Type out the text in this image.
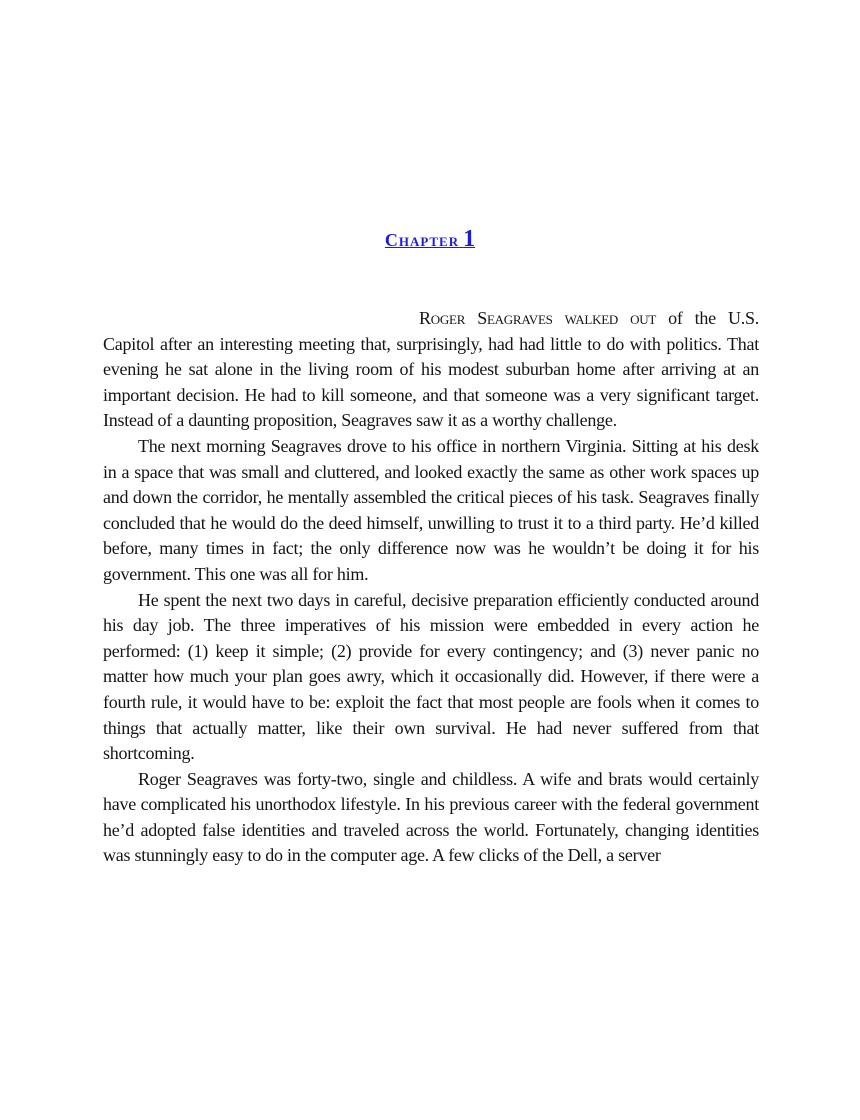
Chapter 1

Roger Seagraves walked out of the U.S. Capitol after an interesting meeting that, surprisingly, had had little to do with politics. That evening he sat alone in the living room of his modest suburban home after arriving at an important decision. He had to kill someone, and that someone was a very significant target. Instead of a daunting proposition, Seagraves saw it as a worthy challenge.

The next morning Seagraves drove to his office in northern Virginia. Sitting at his desk in a space that was small and cluttered, and looked exactly the same as other work spaces up and down the corridor, he mentally assembled the critical pieces of his task. Seagraves finally concluded that he would do the deed himself, unwilling to trust it to a third party. He’d killed before, many times in fact; the only difference now was he wouldn’t be doing it for his government. This one was all for him.

He spent the next two days in careful, decisive preparation efficiently conducted around his day job. The three imperatives of his mission were embedded in every action he performed: (1) keep it simple; (2) provide for every contingency; and (3) never panic no matter how much your plan goes awry, which it occasionally did. However, if there were a fourth rule, it would have to be: exploit the fact that most people are fools when it comes to things that actually matter, like their own survival. He had never suffered from that shortcoming.

Roger Seagraves was forty-two, single and childless. A wife and brats would certainly have complicated his unorthodox lifestyle. In his previous career with the federal government he’d adopted false identities and traveled across the world. Fortunately, changing identities was stunningly easy to do in the computer age. A few clicks of the Dell, a server
